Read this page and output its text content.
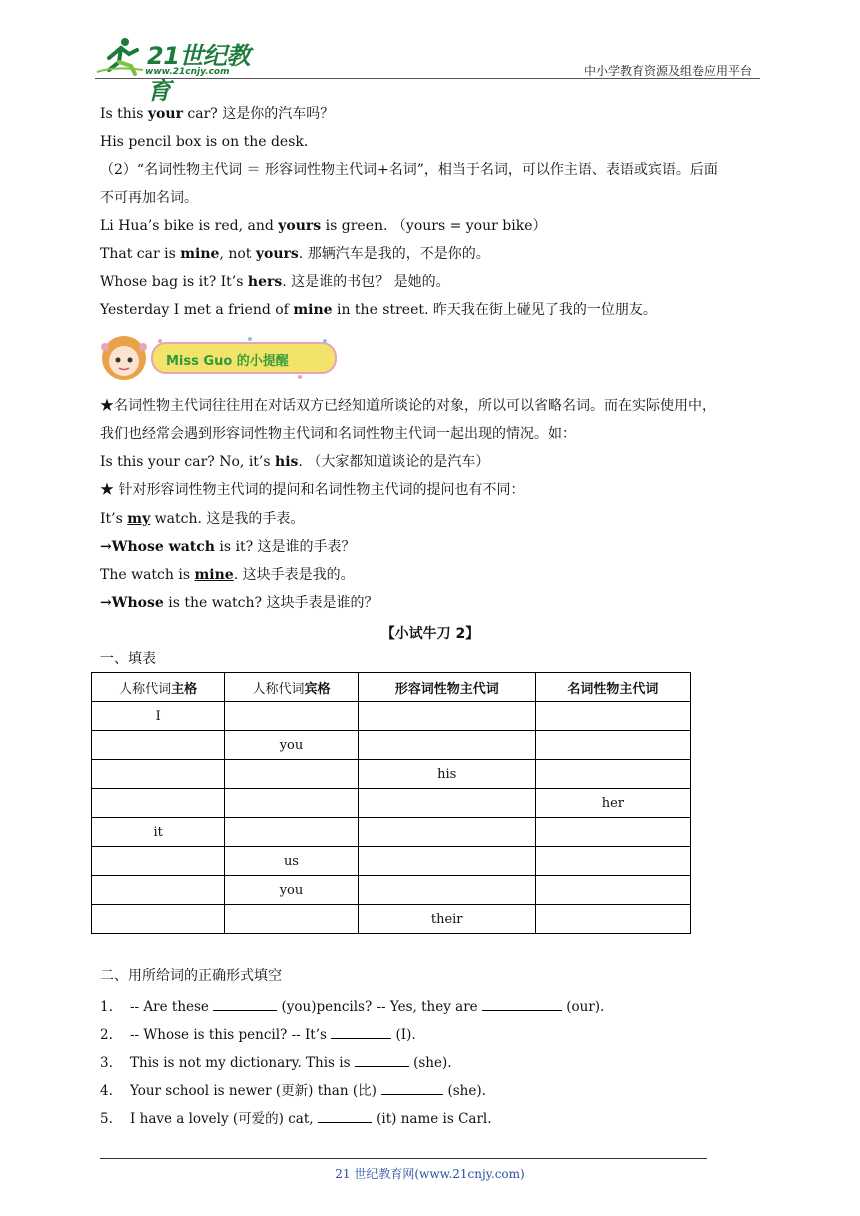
21世纪教育
www.21cnjy.com	中小学教育资源及组卷应用平台
Is this your car? 这是你的汽车吗？
His pencil box is on the desk.
（2）“名词性物主代词 ＝ 形容词性物主代词+名词”，相当于名词，可以作主语、表语或宾语。后面
不可再加名词。
Li Hua’s bike is red, and yours is green. （yours = your bike）
That car is mine, not yours. 那辆汽车是我的，不是你的。
Whose bag is it? It’s hers. 这是谁的书包？ 是她的。
Yesterday I met a friend of mine in the street. 昨天我在街上碰见了我的一位朋友。
Miss Guo 的小提醒
★名词性物主代词往往用在对话双方已经知道所谈论的对象，所以可以省略名词。而在实际使用中，
我们也经常会遇到形容词性物主代词和名词性物主代词一起出现的情况。如：
Is this your car? No, it’s his. （大家都知道谈论的是汽车）
★ 针对形容词性物主代词的提问和名词性物主代词的提问也有不同：
It’s my watch. 这是我的手表。
→Whose watch is it? 这是谁的手表？
The watch is mine. 这块手表是我的。
→Whose is the watch? 这块手表是谁的？
【小试牛刀 2】
一、填表
人称代词主格	人称代词宾格	形容词性物主代词	名词性物主代词
I			
	you		
		his	
			her
it			
	us		
	you		
		their	
二、用所给词的正确形式填空
1. -- Are these	(you)pencils? -- Yes, they are	(our).
2. -- Whose is this pencil? -- It’s	(I).
3. This is not my dictionary. This is	(she).
4. Your school is newer (更新) than (比)	(she).
5. I have a lovely (可爱的) cat,	(it) name is Carl.
21 世纪教育网(www.21cnjy.com)
